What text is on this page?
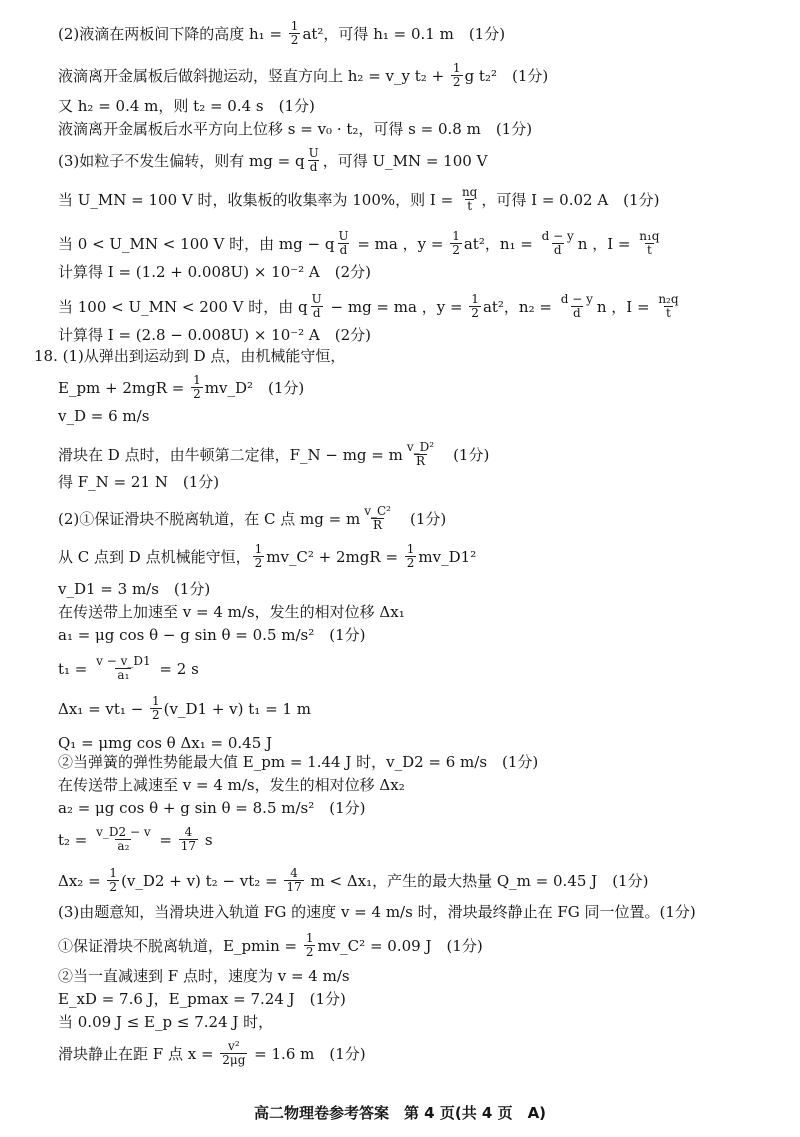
(2)液滴在两板间下降的高度 $h_1 = \frac{1}{2} at^2$，可得 h₁ = 0.1 m　(1分)
液滴离开金属板后做斜抛运动，竖直方向上 h₂ = v_y $t_2 + \frac{1}{2}$ g t₂²　(1分)
又 h₂ = 0.4 m，则 t₂ = 0.4 s　(1分)
液滴离开金属板后水平方向上位移 s = v₀ · t₂，可得 s = 0.8 m　(1分)
(3)如粒子不发生偏转，则有 mg = q $\frac{U}{d}$ ，可得 U_MN = 100 V
当 U_MN = 100 V 时，收集板的收集率为 100%，则 $I = \frac{nq}{t}$ ，可得 I = 0.02 A　(1分)
当 0 < U_MN < 100 V 时，由 mg − q $\frac{U}{d}$ = ma ，$y = \frac{1}{2} at^2$，$n_1 = \frac{d - y}{d}$ n ，$I = \frac{\text{n₁q}}{t}$
计算得 I = (1.2 + 0.008U) × 10⁻² A　(2分)
当 100 < U_MN < 200 V 时，由 q $\frac{U}{d}$ − mg = ma ，$y = \frac{1}{2} at^2$，$n_2 = \frac{d - y}{d}$ n ，$I = \frac{\text{n₂q}}{t}$
计算得 I = (2.8 − 0.008U) × 10⁻² A　(2分)
18. (1)从弹出到运动到 D 点，由机械能守恒，
E_pm + $2mgR = \frac{1}{2}$ mv_D²　(1分)
v_D = 6 m/s
滑块在 D 点时，由牛顿第二定律，F_N − mg = m $\frac{\text{v\_D²}}{R}$ 　(1分)
得 F_N = 21 N　(1分)
(2)①保证滑块不脱离轨道，在 C 点 mg = m $\frac{\text{v\_C²}}{R}$ 　(1分)
从 C 点到 D 点机械能守恒， $\frac{1}{2}$ mv_C² + $2mgR = \frac{1}{2}$ mv_D1²
v_D1 = 3 m/s　(1分)
在传送带上加速至 v = 4 m/s，发生的相对位移 Δx₁
a₁ = μg cos θ − g sin θ = 0.5 m/s²　(1分)
$t_1 = \frac{v - v\_D1}{\text{a₁}} = 2$ s
$\Delta x_1 = vt_1 - \frac{1}{2}$ (v_D1 + v) t₁ = 1 m
Q₁ = μmg cos θ Δx₁ = 0.45 J
②当弹簧的弹性势能最大值 E_pm = 1.44 J 时，v_D2 = 6 m/s　(1分)
在传送带上减速至 v = 4 m/s，发生的相对位移 Δx₂
a₂ = μg cos θ + g sin θ = 8.5 m/s²　(1分)
$t_2 = \frac{v\_D2 - v}{\text{a₂}} = \frac{4}{17}$ s
$\Delta x_2 = \frac{1}{2}$ (v_D2 + v) $t_2 - vt_2 = \frac{4}{17}$ m < Δx₁，产生的最大热量 Q_m = 0.45 J　(1分)
(3)由题意知，当滑块进入轨道 FG 的速度 v = 4 m/s 时，滑块最终静止在 FG 同一位置。(1分)
①保证滑块不脱离轨道，E_pmin = $\frac{1}{2}$ mv_C² = 0.09 J　(1分)
②当一直减速到 F 点时，速度为 v = 4 m/s
E_xD = 7.6 J，E_pmax = 7.24 J　(1分)
当 0.09 J ≤ E_p ≤ 7.24 J 时，
滑块静止在距 F 点 $x = \frac{\text{v²}}{2\mu g} = 1.6$ m　(1分)
高二物理卷参考答案　第 4 页(共 4 页　A)
